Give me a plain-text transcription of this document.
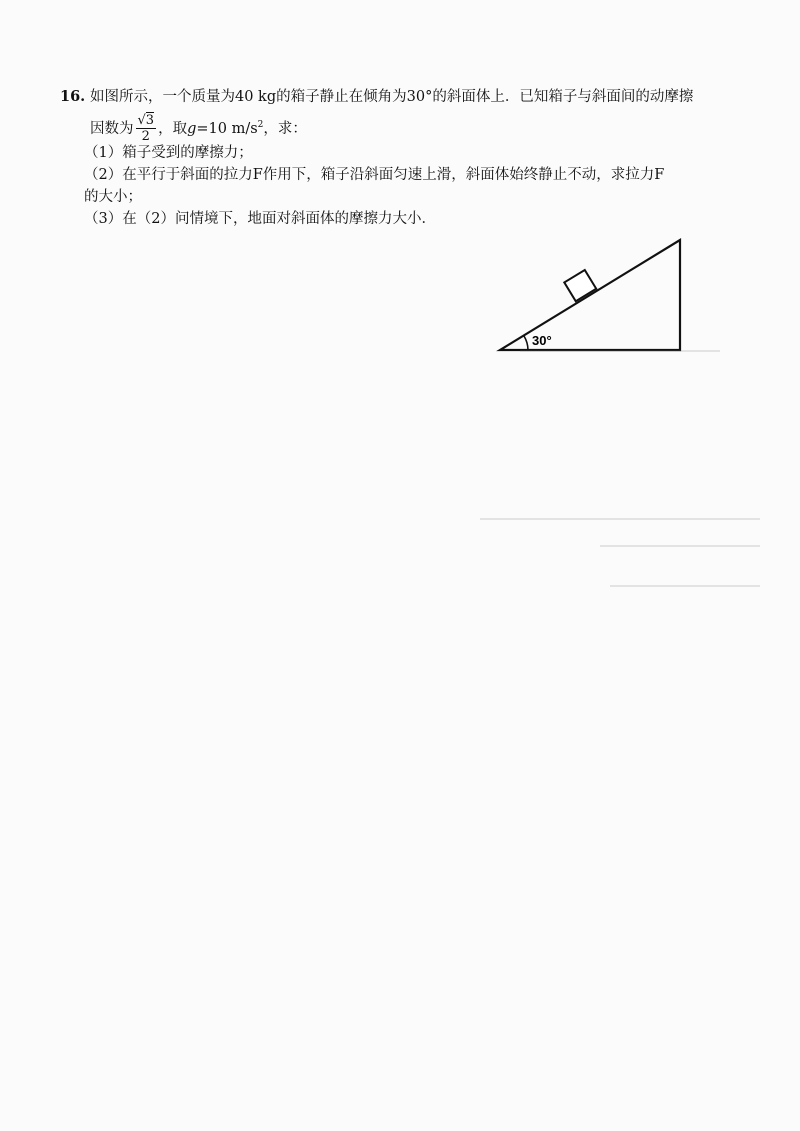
16. 如图所示，一个质量为40 kg的箱子静止在倾角为30°的斜面体上．已知箱子与斜面间的动摩擦
因数为 $\frac{√3}{2}$ ，取g=10 $m/s^2$，求：
（1）箱子受到的摩擦力；
（2）在平行于斜面的拉力F作用下，箱子沿斜面匀速上滑，斜面体始终静止不动，求拉力F
的大小；
（3）在（2）问情境下，地面对斜面体的摩擦力大小．
30°
